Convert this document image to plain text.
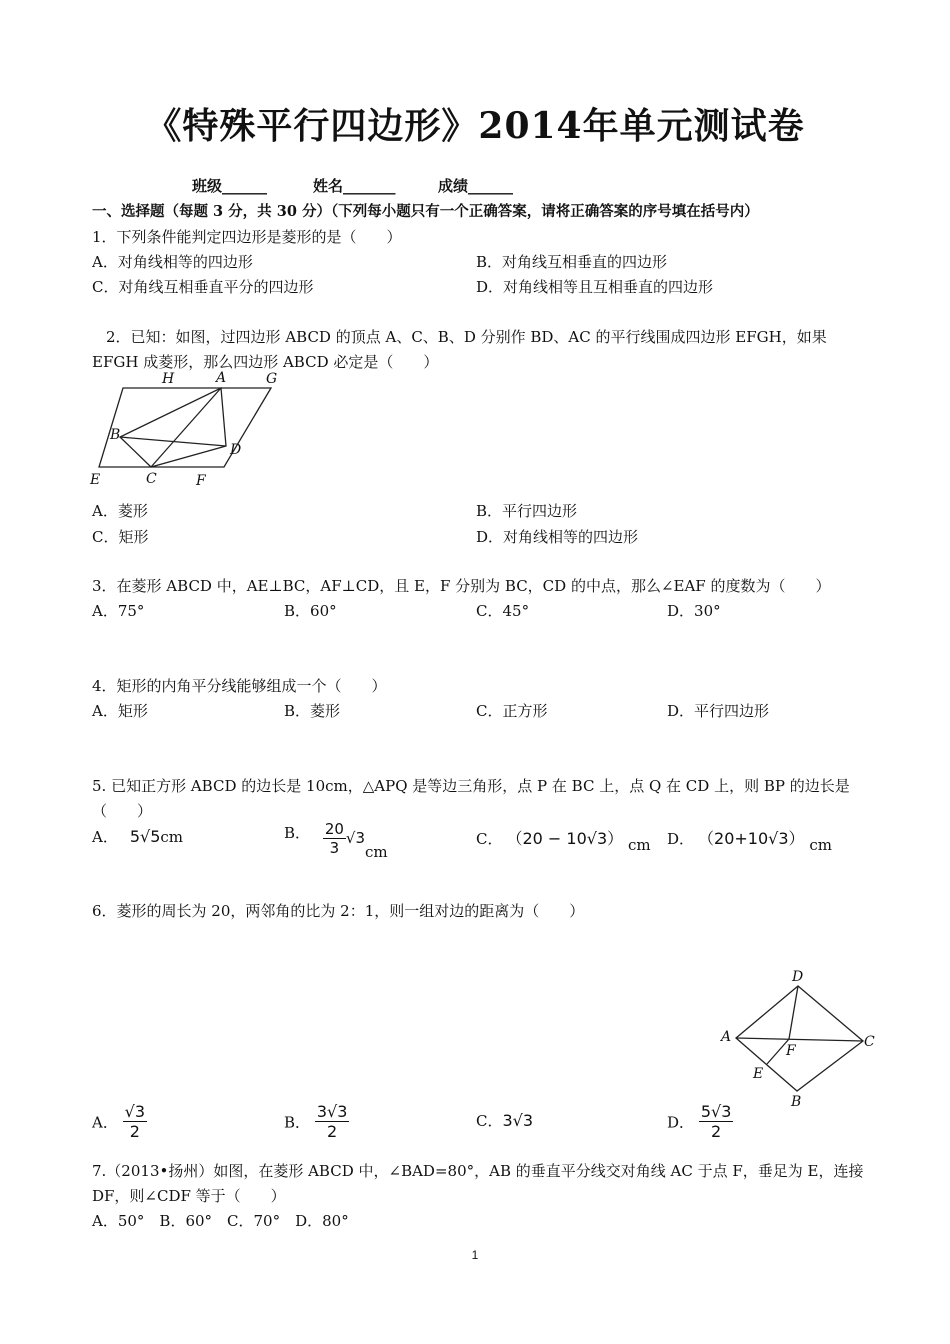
《特殊平行四边形》2014年单元测试卷
班级______	姓名_______	成绩______
一、选择题（每题 3 分，共 30 分）（下列每小题只有一个正确答案，请将正确答案的序号填在括号内）
1．下列条件能判定四边形是菱形的是（　　）
A．对角线相等的四边形	B．对角线互相垂直的四边形
C．对角线互相垂直平分的四边形	D．对角线相等且互相垂直的四边形
2．已知：如图，过四边形 ABCD 的顶点 A、C、B、D 分别作 BD、AC 的平行线围成四边形 EFGH，如果
EFGH 成菱形，那么四边形 ABCD 必定是（　　）
H	A	G
B
D
E	C	F
A．菱形	B．平行四边形
C．矩形	D．对角线相等的四边形
3．在菱形 ABCD 中，AE⊥BC，AF⊥CD，且 E，F 分别为 BC，CD 的中点，那么∠EAF 的度数为（　　）
A．75°	B．60°	C．45°	D．30°
4．矩形的内角平分线能够组成一个（　　）
A．矩形	B．菱形	C．正方形	D．平行四边形
5. 已知正方形 ABCD 的边长是 10cm，△APQ 是等边三角形，点 P 在 BC 上，点 Q 在 CD 上，则 BP 的边长是
（　　）
A． 5√5cm	B． $\frac{20}{3} √3cm$
C． （20 − 10√3） cm D． （20+10√3） cm
6．菱形的周长为 20，两邻角的比为 2：1，则一组对边的距离为（　　）
D
A
F
C
E
B
A． $\frac{√3}{2}$	B． $\frac{3√3}{2}$	C．3√3	D． $\frac{5√3}{2}$
7.（2013•扬州）如图，在菱形 ABCD 中，∠BAD=80°，AB 的垂直平分线交对角线 AC 于点 F，垂足为 E，连接
DF，则∠CDF 等于（　　）
A．50°　B．60°　C．70°　D．80°
1
